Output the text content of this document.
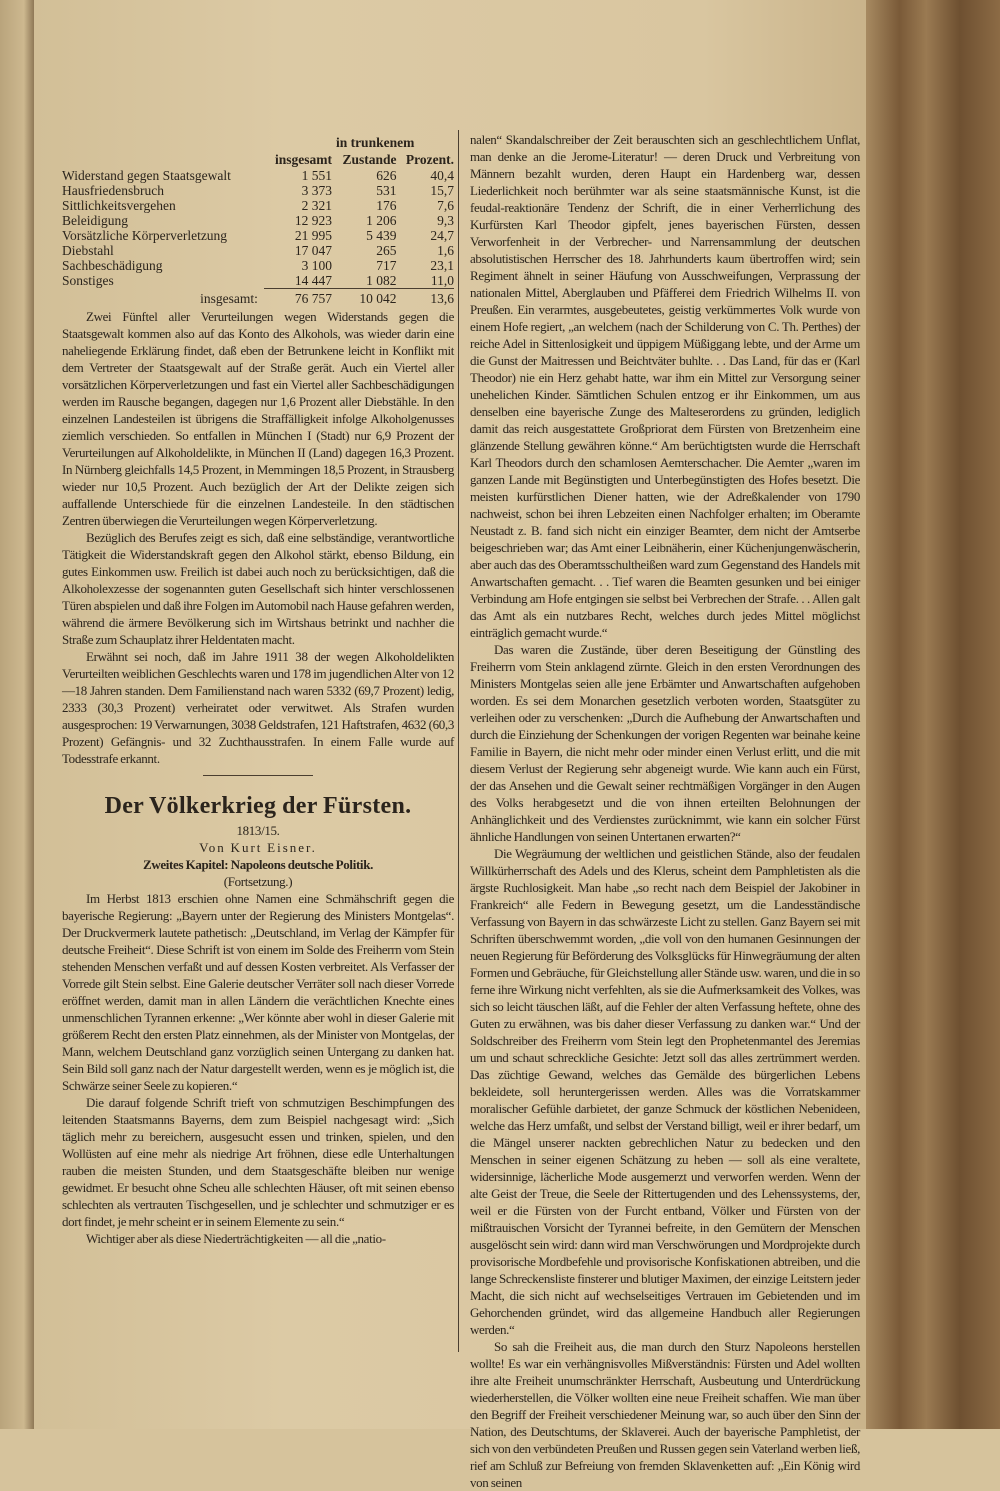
		in trunkenem	
	insgesamt	Zustande	Prozent.
Widerstand gegen Staatsgewalt	1 551	626	40,4
Hausfriedensbruch	3 373	531	15,7
Sittlichkeitsvergehen	2 321	176	7,6
Beleidigung	12 923	1 206	9,3
Vorsätzliche Körperverletzung	21 995	5 439	24,7
Diebstahl	17 047	265	1,6
Sachbeschädigung	3 100	717	23,1
Sonstiges	14 447	1 082	11,0
insgesamt:	76 757	10 042	13,6

Zwei Fünftel aller Verurteilungen wegen Widerstands gegen die Staatsgewalt kommen also auf das Konto des Alkohols, was wieder darin eine naheliegende Erklärung findet, daß eben der Betrunkene leicht in Konflikt mit dem Vertreter der Staatsgewalt auf der Straße gerät. Auch ein Viertel aller vorsätzlichen Körperverletzungen und fast ein Viertel aller Sachbeschädigungen werden im Rausche begangen, dagegen nur 1,6 Prozent aller Diebstähle. In den einzelnen Landesteilen ist übrigens die Straffälligkeit infolge Alkoholgenusses ziemlich verschieden. So entfallen in München I (Stadt) nur 6,9 Prozent der Verurteilungen auf Alkoholdelikte, in München II (Land) dagegen 16,3 Prozent. In Nürnberg gleichfalls 14,5 Prozent, in Memmingen 18,5 Prozent, in Strausberg wieder nur 10,5 Prozent. Auch bezüglich der Art der Delikte zeigen sich auffallende Unterschiede für die einzelnen Landesteile. In den städtischen Zentren überwiegen die Verurteilungen wegen Körperverletzung.

Bezüglich des Berufes zeigt es sich, daß eine selbständige, verantwortliche Tätigkeit die Widerstandskraft gegen den Alkohol stärkt, ebenso Bildung, ein gutes Einkommen usw. Freilich ist dabei auch noch zu berücksichtigen, daß die Alkoholexzesse der sogenannten guten Gesellschaft sich hinter verschlossenen Türen abspielen und daß ihre Folgen im Automobil nach Hause gefahren werden, während die ärmere Bevölkerung sich im Wirtshaus betrinkt und nachher die Straße zum Schauplatz ihrer Heldentaten macht.

Erwähnt sei noch, daß im Jahre 1911 38 der wegen Alkoholdelikten Verurteilten weiblichen Geschlechts waren und 178 im jugendlichen Alter von 12—18 Jahren standen. Dem Familienstand nach waren 5332 (69,7 Prozent) ledig, 2333 (30,3 Prozent) verheiratet oder verwitwet. Als Strafen wurden ausgesprochen: 19 Verwarnungen, 3038 Geldstrafen, 121 Haftstrafen, 4632 (60,3 Prozent) Gefängnis- und 32 Zuchthausstrafen. In einem Falle wurde auf Todesstrafe erkannt.

Der Völkerkrieg der Fürsten.

1813/15.

Von Kurt Eisner.

Zweites Kapitel: Napoleons deutsche Politik.

(Fortsetzung.)

Im Herbst 1813 erschien ohne Namen eine Schmähschrift gegen die bayerische Regierung: „Bayern unter der Regierung des Ministers Montgelas“. Der Druckvermerk lautete pathetisch: „Deutschland, im Verlag der Kämpfer für deutsche Freiheit“. Diese Schrift ist von einem im Solde des Freiherrn vom Stein stehenden Menschen verfaßt und auf dessen Kosten verbreitet. Als Verfasser der Vorrede gilt Stein selbst. Eine Galerie deutscher Verräter soll nach dieser Vorrede eröffnet werden, damit man in allen Ländern die verächtlichen Knechte eines unmenschlichen Tyrannen erkenne: „Wer könnte aber wohl in dieser Galerie mit größerem Recht den ersten Platz einnehmen, als der Minister von Montgelas, der Mann, welchem Deutschland ganz vorzüglich seinen Untergang zu danken hat. Sein Bild soll ganz nach der Natur dargestellt werden, wenn es je möglich ist, die Schwärze seiner Seele zu kopieren.“

Die darauf folgende Schrift trieft von schmutzigen Beschimpfungen des leitenden Staatsmanns Bayerns, dem zum Beispiel nachgesagt wird: „Sich täglich mehr zu bereichern, ausgesucht essen und trinken, spielen, und den Wollüsten auf eine mehr als niedrige Art fröhnen, diese edle Unterhaltungen rauben die meisten Stunden, und dem Staatsgeschäfte bleiben nur wenige gewidmet. Er besucht ohne Scheu alle schlechten Häuser, oft mit seinen ebenso schlechten als vertrauten Tischgesellen, und je schlechter und schmutziger er es dort findet, je mehr scheint er in seinem Elemente zu sein.“

Wichtiger aber als diese Niederträchtigkeiten — all die „natio-

nalen“ Skandalschreiber der Zeit berauschten sich an geschlechtlichem Unflat, man denke an die Jerome-Literatur! — deren Druck und Verbreitung von Männern bezahlt wurden, deren Haupt ein Hardenberg war, dessen Liederlichkeit noch berühmter war als seine staatsmännische Kunst, ist die feudal-reaktionäre Tendenz der Schrift, die in einer Verherrlichung des Kurfürsten Karl Theodor gipfelt, jenes bayerischen Fürsten, dessen Verworfenheit in der Verbrecher- und Narrensammlung der deutschen absolutistischen Herrscher des 18. Jahrhunderts kaum übertroffen wird; sein Regiment ähnelt in seiner Häufung von Ausschweifungen, Verprassung der nationalen Mittel, Aberglauben und Pfäfferei dem Friedrich Wilhelms II. von Preußen. Ein verarmtes, ausgebeutetes, geistig verkümmertes Volk wurde von einem Hofe regiert, „an welchem (nach der Schilderung von C. Th. Perthes) der reiche Adel in Sittenlosigkeit und üppigem Müßiggang lebte, und der Arme um die Gunst der Maitressen und Beichtväter buhlte. . . Das Land, für das er (Karl Theodor) nie ein Herz gehabt hatte, war ihm ein Mittel zur Versorgung seiner unehelichen Kinder. Sämtlichen Schulen entzog er ihr Einkommen, um aus denselben eine bayerische Zunge des Malteserordens zu gründen, lediglich damit das reich ausgestattete Großpriorat dem Fürsten von Bretzenheim eine glänzende Stellung gewähren könne.“ Am berüchtigtsten wurde die Herrschaft Karl Theodors durch den schamlosen Aemterschacher. Die Aemter „waren im ganzen Lande mit Begünstigten und Unterbegünstigten des Hofes besetzt. Die meisten kurfürstlichen Diener hatten, wie der Adreßkalender von 1790 nachweist, schon bei ihren Lebzeiten einen Nachfolger erhalten; im Oberamte Neustadt z. B. fand sich nicht ein einziger Beamter, dem nicht der Amtserbe beigeschrieben war; das Amt einer Leibnäherin, einer Küchenjungenwäscherin, aber auch das des Oberamtsschultheißen ward zum Gegenstand des Handels mit Anwartschaften gemacht. . . Tief waren die Beamten gesunken und bei einiger Verbindung am Hofe entgingen sie selbst bei Verbrechen der Strafe. . . Allen galt das Amt als ein nutzbares Recht, welches durch jedes Mittel möglichst einträglich gemacht wurde.“

Das waren die Zustände, über deren Beseitigung der Günstling des Freiherrn vom Stein anklagend zürnte. Gleich in den ersten Verordnungen des Ministers Montgelas seien alle jene Erbämter und Anwartschaften aufgehoben worden. Es sei dem Monarchen gesetzlich verboten worden, Staatsgüter zu verleihen oder zu verschenken: „Durch die Aufhebung der Anwartschaften und durch die Einziehung der Schenkungen der vorigen Regenten war beinahe keine Familie in Bayern, die nicht mehr oder minder einen Verlust erlitt, und die mit diesem Verlust der Regierung sehr abgeneigt wurde. Wie kann auch ein Fürst, der das Ansehen und die Gewalt seiner rechtmäßigen Vorgänger in den Augen des Volks herabgesetzt und die von ihnen erteilten Belohnungen der Anhänglichkeit und des Verdienstes zurücknimmt, wie kann ein solcher Fürst ähnliche Handlungen von seinen Untertanen erwarten?“

Die Wegräumung der weltlichen und geistlichen Stände, also der feudalen Willkürherrschaft des Adels und des Klerus, scheint dem Pamphletisten als die ärgste Ruchlosigkeit. Man habe „so recht nach dem Beispiel der Jakobiner in Frankreich“ alle Federn in Bewegung gesetzt, um die Landesständische Verfassung von Bayern in das schwärzeste Licht zu stellen. Ganz Bayern sei mit Schriften überschwemmt worden, „die voll von den humanen Gesinnungen der neuen Regierung für Beförderung des Volksglücks für Hinwegräumung der alten Formen und Gebräuche, für Gleichstellung aller Stände usw. waren, und die in so ferne ihre Wirkung nicht verfehlten, als sie die Aufmerksamkeit des Volkes, was sich so leicht täuschen läßt, auf die Fehler der alten Verfassung heftete, ohne des Guten zu erwähnen, was bis daher dieser Verfassung zu danken war.“ Und der Soldschreiber des Freiherrn vom Stein legt den Prophetenmantel des Jeremias um und schaut schreckliche Gesichte: Jetzt soll das alles zertrümmert werden. Das züchtige Gewand, welches das Gemälde des bürgerlichen Lebens bekleidete, soll heruntergerissen werden. Alles was die Vorratskammer moralischer Gefühle darbietet, der ganze Schmuck der köstlichen Nebenideen, welche das Herz umfaßt, und selbst der Verstand billigt, weil er ihrer bedarf, um die Mängel unserer nackten gebrechlichen Natur zu bedecken und den Menschen in seiner eigenen Schätzung zu heben — soll als eine veraltete, widersinnige, lächerliche Mode ausgemerzt und verworfen werden. Wenn der alte Geist der Treue, die Seele der Rittertugenden und des Lehenssystems, der, weil er die Fürsten von der Furcht entband, Völker und Fürsten von der mißtrauischen Vorsicht der Tyrannei befreite, in den Gemütern der Menschen ausgelöscht sein wird: dann wird man Verschwörungen und Mordprojekte durch provisorische Mordbefehle und provisorische Konfiskationen abtreiben, und die lange Schreckensliste finsterer und blutiger Maximen, der einzige Leitstern jeder Macht, die sich nicht auf wechselseitiges Vertrauen im Gebietenden und im Gehorchenden gründet, wird das allgemeine Handbuch aller Regierungen werden.“

So sah die Freiheit aus, die man durch den Sturz Napoleons herstellen wollte! Es war ein verhängnisvolles Mißverständnis: Fürsten und Adel wollten ihre alte Freiheit unumschränkter Herrschaft, Ausbeutung und Unterdrückung wiederherstellen, die Völker wollten eine neue Freiheit schaffen. Wie man über den Begriff der Freiheit verschiedener Meinung war, so auch über den Sinn der Nation, des Deutschtums, der Sklaverei. Auch der bayerische Pamphletist, der sich von den verbündeten Preußen und Russen gegen sein Vaterland werben ließ, rief am Schluß zur Befreiung von fremden Sklavenketten auf: „Ein König wird von seinen
